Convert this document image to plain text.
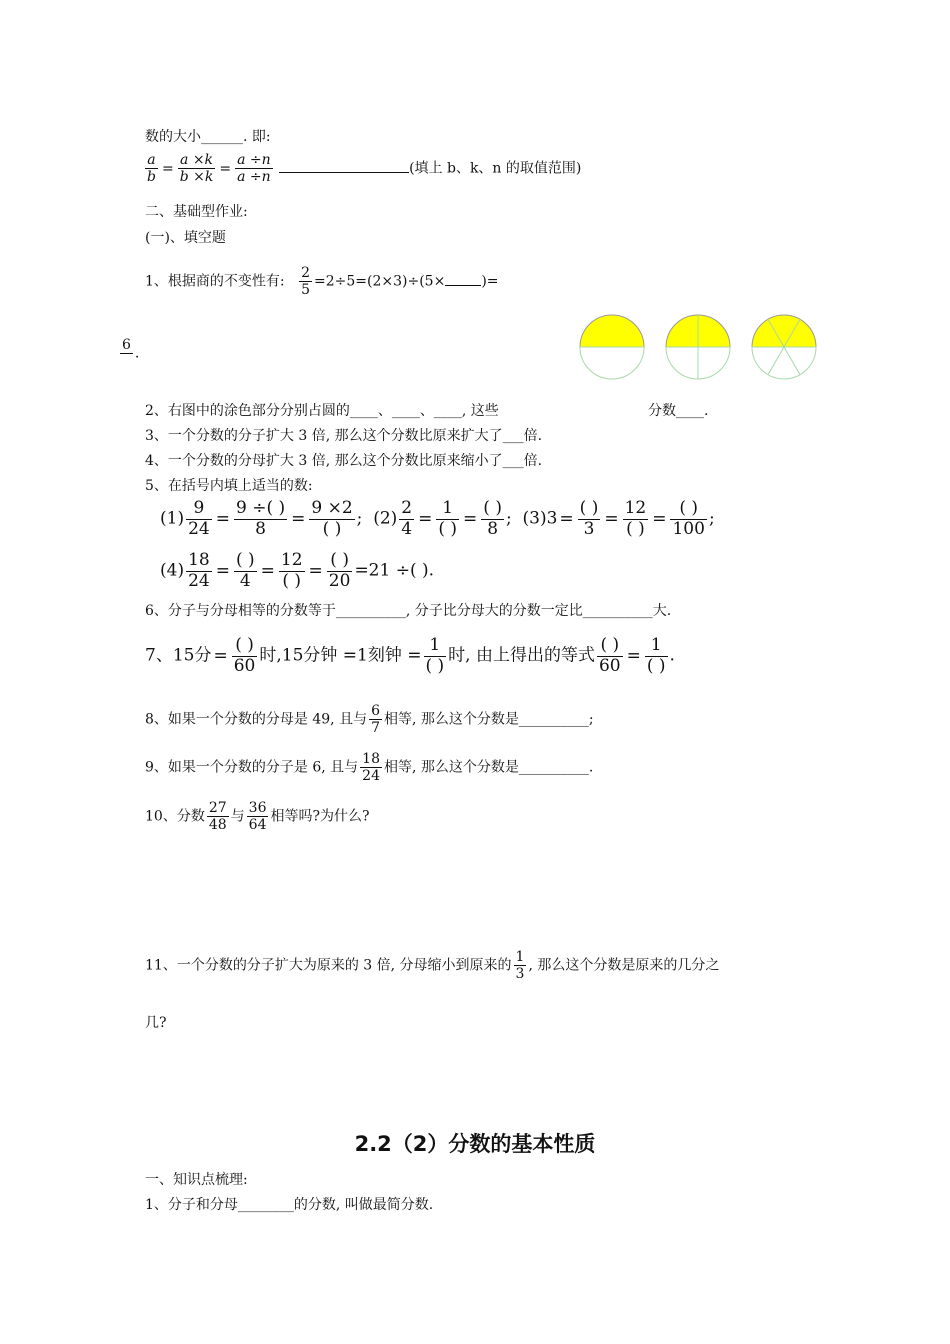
数的大小______. 即:
$\frac{a}{b} = \frac{a \times k}{b \times k} = \frac{a \div n}{a \div n}$	(填上 b、k、n 的取值范围)
二、基础型作业:
(一)、填空题
1、根据商的不变性有: $\frac{2}{5} =2\div 5=(2\times 3)\div(5\times$	)=
6

.
2、右图中的涂色部分分别占圆的____、____、____, 这些	分数____.
3、一个分数的分子扩大 3 倍, 那么这个分数比原来扩大了___倍.
4、一个分数的分母扩大 3 倍, 那么这个分数比原来缩小了___倍.
5、在括号内填上适当的数:
$(1) \frac{9}{24} = \frac{9 \div( )}{8} = \frac{9 \times 2}{( )}$ ;  $(2) \frac{2}{4} = \frac{1}{( )} = \frac{( )}{8}$ ;  $(3)3 = \frac{( )}{3} = \frac{12}{( )} = \frac{( )}{100}$ ;
$(4) \frac{18}{24} = \frac{( )}{4} = \frac{12}{( )} = \frac{( )}{20} =21$ ÷( ).
6、分子与分母相等的分数等于__________, 分子比分母大的分数一定比__________大.
7、15分 = $\frac{( )}{60}$ 时,15分钟 =1刻钟 = $\frac{1}{( )}$ 时, 由上得出的等式 $\frac{( )}{60} = \frac{1}{( )}$ .
8、如果一个分数的分母是 49, 且与 $\frac{6}{7}$ 相等, 那么这个分数是__________;
9、如果一个分数的分子是 6, 且与 $\frac{18}{24}$ 相等, 那么这个分数是__________.
10、分数 $\frac{27}{48}$ 与 $\frac{36}{64}$ 相等吗?为什么?
11、一个分数的分子扩大为原来的 3 倍, 分母缩小到原来的 $\frac{1}{3}$ , 那么这个分数是原来的几分之
几?
2.2（2）分数的基本性质
一、知识点梳理:
1、分子和分母________的分数, 叫做最简分数.
